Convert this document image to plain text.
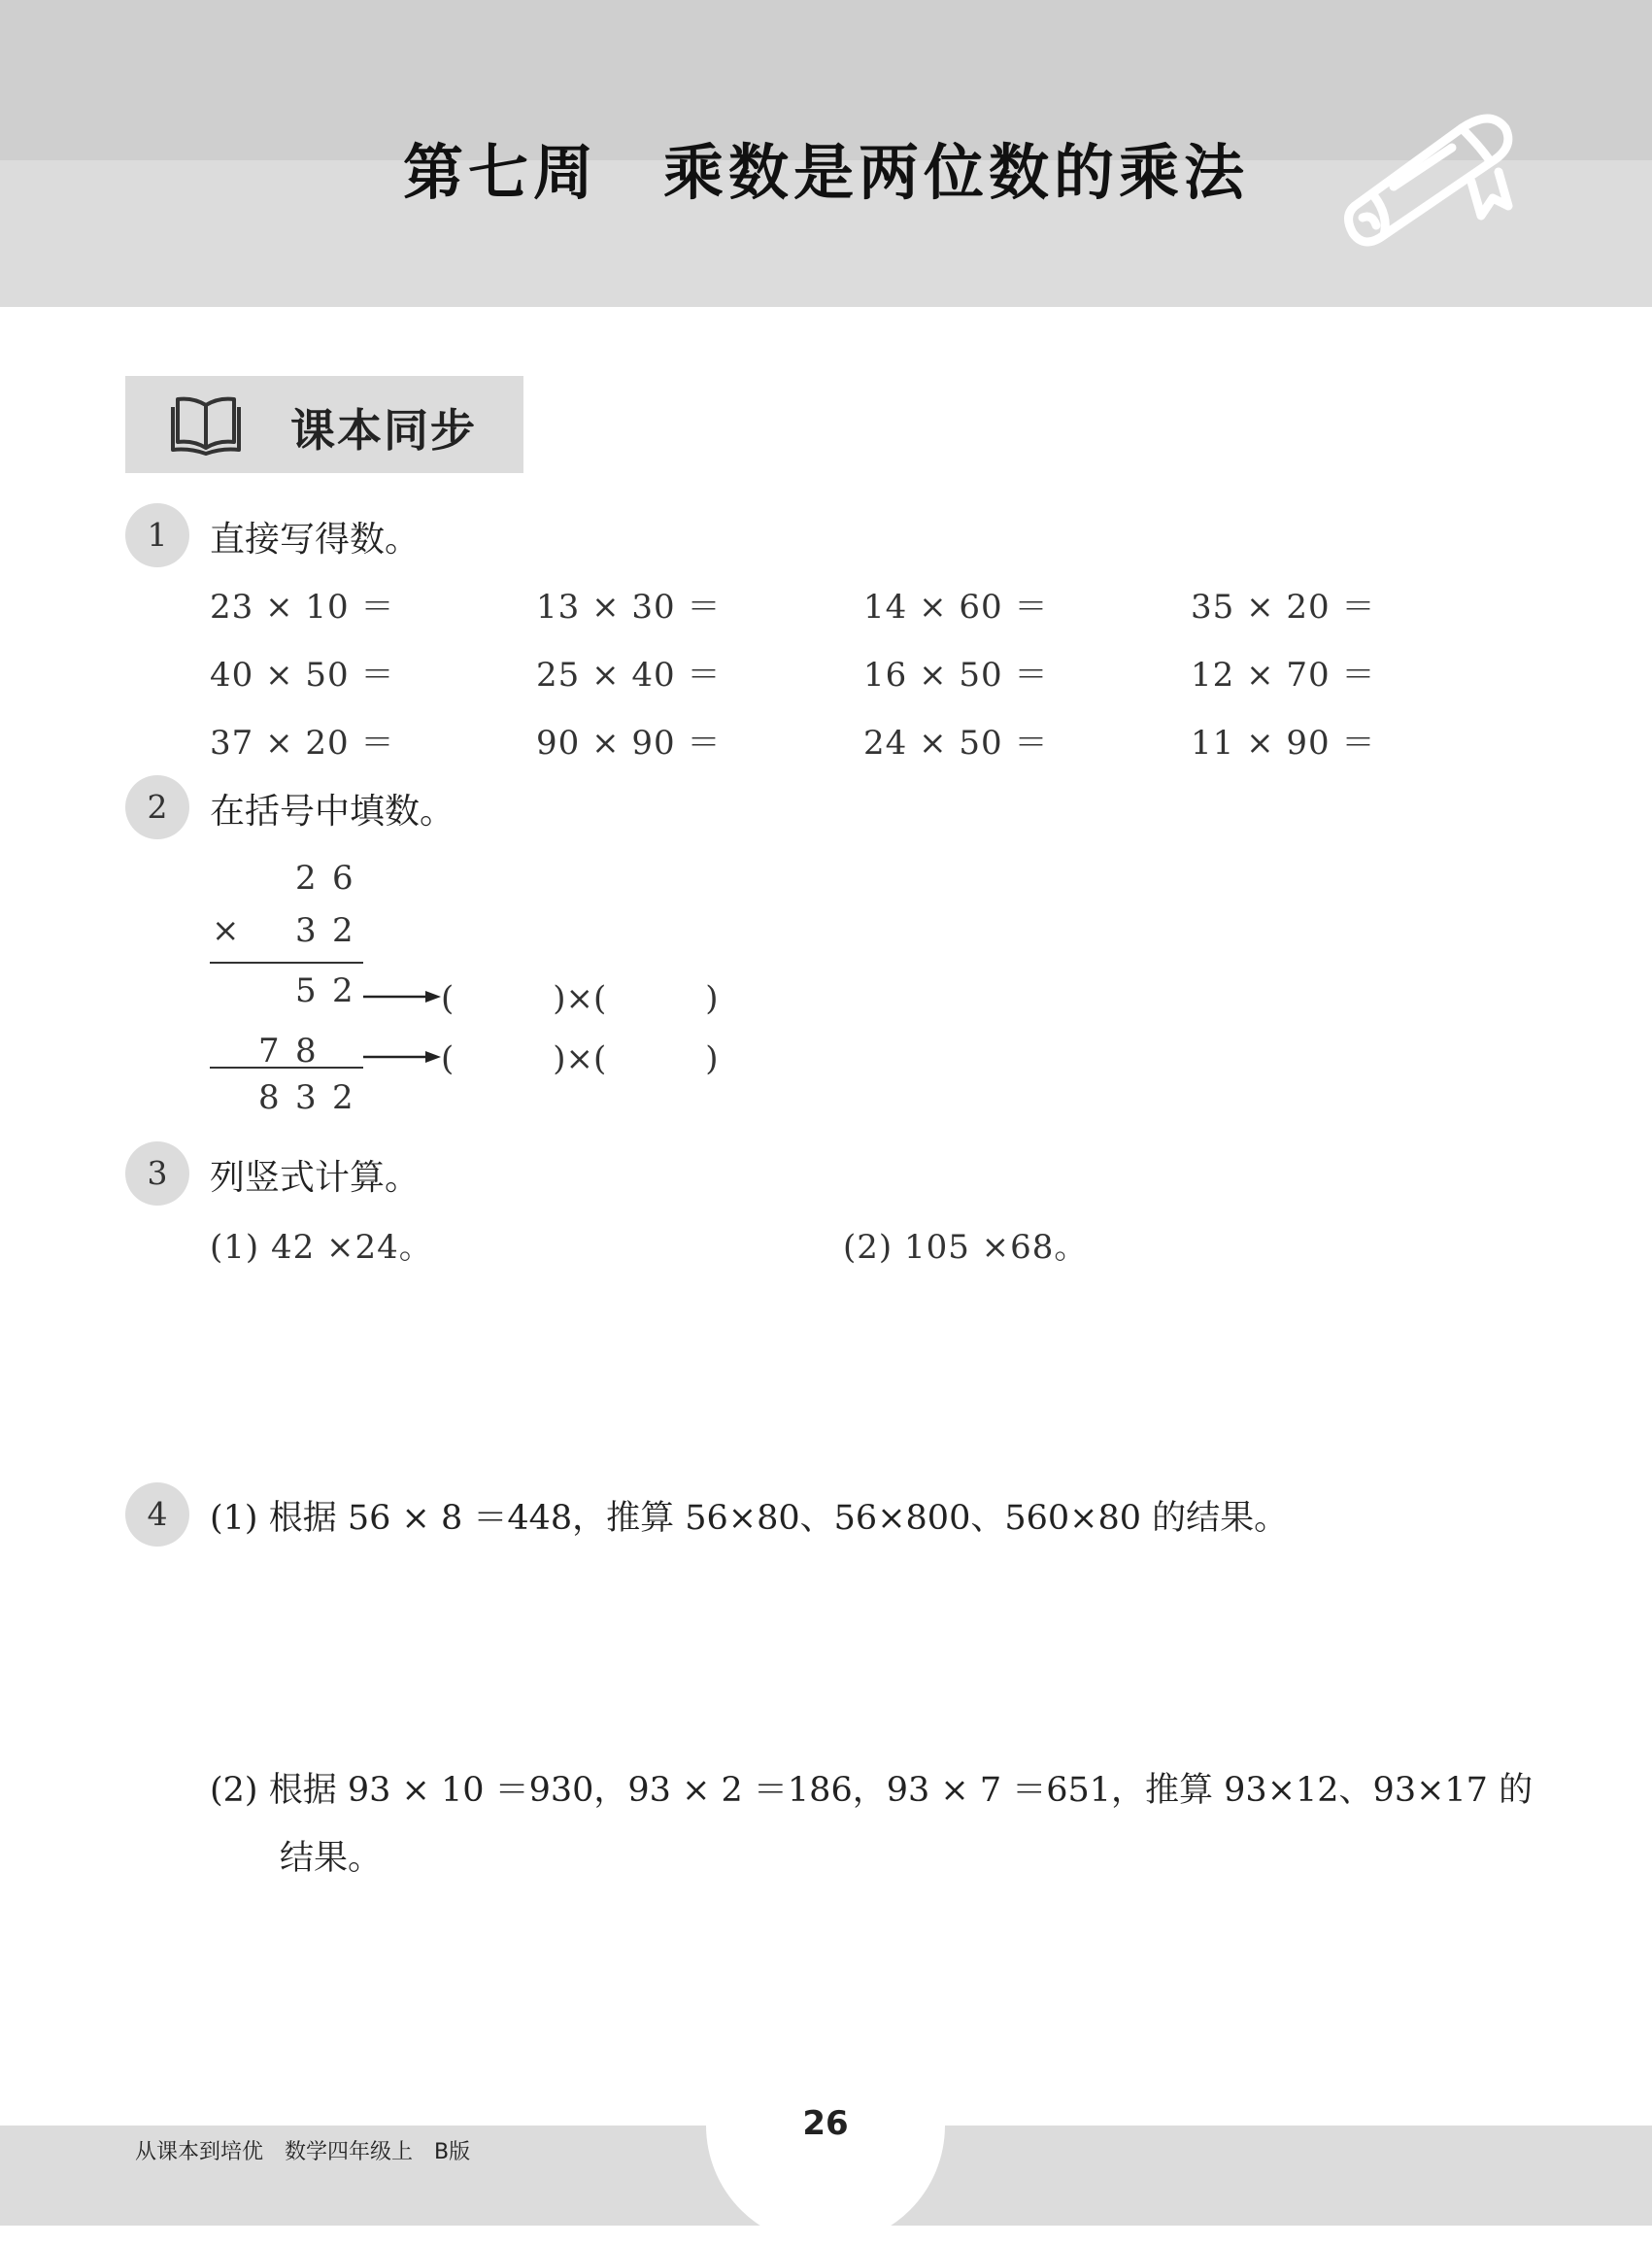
第七周　乘数是两位数的乘法
课本同步
1	直接写得数。
23 × 10 ＝	13 × 30 ＝	14 × 60 ＝	35 × 20 ＝
40 × 50 ＝	25 × 40 ＝	16 × 50 ＝	12 × 70 ＝
37 × 20 ＝	90 × 90 ＝	24 × 50 ＝	11 × 90 ＝
2	在括号中填数。
2 6
× 3 2
5 2	(　　　)×(　　　)
7 8	(　　　)×(　　　)
8 3 2
3	列竖式计算。
(1) 42 ×24。	(2) 105 ×68。
4	(1) 根据 56 × 8 ＝448，推算 56×80、56×800、560×80 的结果。
(2) 根据 93 × 10 ＝930，93 × 2 ＝186，93 × 7 ＝651，推算 93×12、93×17 的
结果。
从课本到培优　数学四年级上　B版
26
